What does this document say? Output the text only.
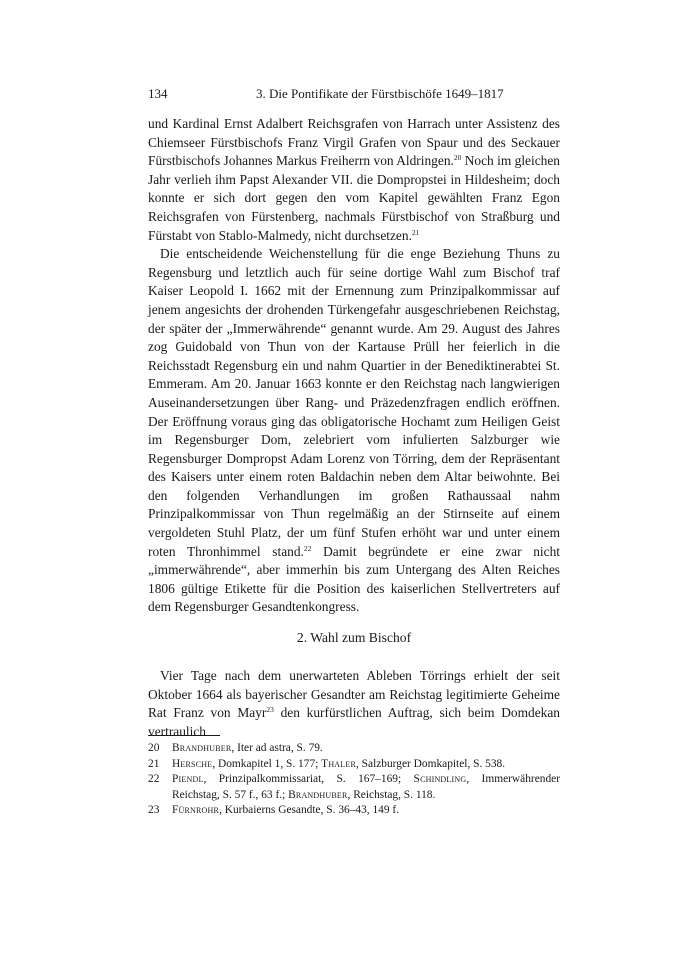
134	3. Die Pontifikate der Fürstbischöfe 1649–1817

und Kardinal Ernst Adalbert Reichsgrafen von Harrach unter Assistenz des Chiemseer Fürstbischofs Franz Virgil Grafen von Spaur und des Seckauer Fürstbischofs Johannes Markus Freiherrn von Aldringen.$^{20}$ Noch im gleichen Jahr verlieh ihm Papst Alexander VII. die Dompropstei in Hildesheim; doch konnte er sich dort gegen den vom Kapitel gewählten Franz Egon Reichsgrafen von Fürstenberg, nachmals Fürstbischof von Straßburg und Fürstabt von Stablo-Malmedy, nicht durchsetzen.$^{21}$

Die entscheidende Weichenstellung für die enge Beziehung Thuns zu Regensburg und letztlich auch für seine dortige Wahl zum Bischof traf Kaiser Leopold I. 1662 mit der Ernennung zum Prinzipalkommissar auf jenem angesichts der drohenden Türkengefahr ausgeschriebenen Reichstag, der später der „Immerwährende“ genannt wurde. Am 29. August des Jahres zog Guidobald von Thun von der Kartause Prüll her feierlich in die Reichsstadt Regensburg ein und nahm Quartier in der Benediktinerabtei St. Emmeram. Am 20. Januar 1663 konnte er den Reichstag nach langwierigen Auseinandersetzungen über Rang- und Präzedenzfragen endlich eröffnen. Der Eröffnung voraus ging das obligatorische Hochamt zum Heiligen Geist im Regensburger Dom, zelebriert vom infulierten Salzburger wie Regensburger Dompropst Adam Lorenz von Törring, dem der Repräsentant des Kaisers unter einem roten Baldachin neben dem Altar beiwohnte. Bei den folgenden Verhandlungen im großen Rathaussaal nahm Prinzipalkommissar von Thun regelmäßig an der Stirnseite auf einem vergoldeten Stuhl Platz, der um fünf Stufen erhöht war und unter einem roten Thronhimmel stand.$^{22}$ Damit begründete er eine zwar nicht „immerwährende“, aber immerhin bis zum Untergang des Alten Reiches 1806 gültige Etikette für die Position des kaiserlichen Stellvertreters auf dem Regensburger Gesandtenkongress.

2. Wahl zum Bischof

Vier Tage nach dem unerwarteten Ableben Törrings erhielt der seit Oktober 1664 als bayerischer Gesandter am Reichstag legitimierte Geheime Rat Franz von Mayr$^{23}$ den kurfürstlichen Auftrag, sich beim Domdekan vertraulich

20 Brandhuber, Iter ad astra, S. 79.
21 Hersche, Domkapitel 1, S. 177; Thaler, Salzburger Domkapitel, S. 538.
22 Piendl, Prinzipalkommissariat, S. 167–169; Schindling, Immerwährender Reichstag, S. 57 f., 63 f.; Brandhuber, Reichstag, S. 118.
23 Fürnrohr, Kurbaierns Gesandte, S. 36–43, 149 f.
